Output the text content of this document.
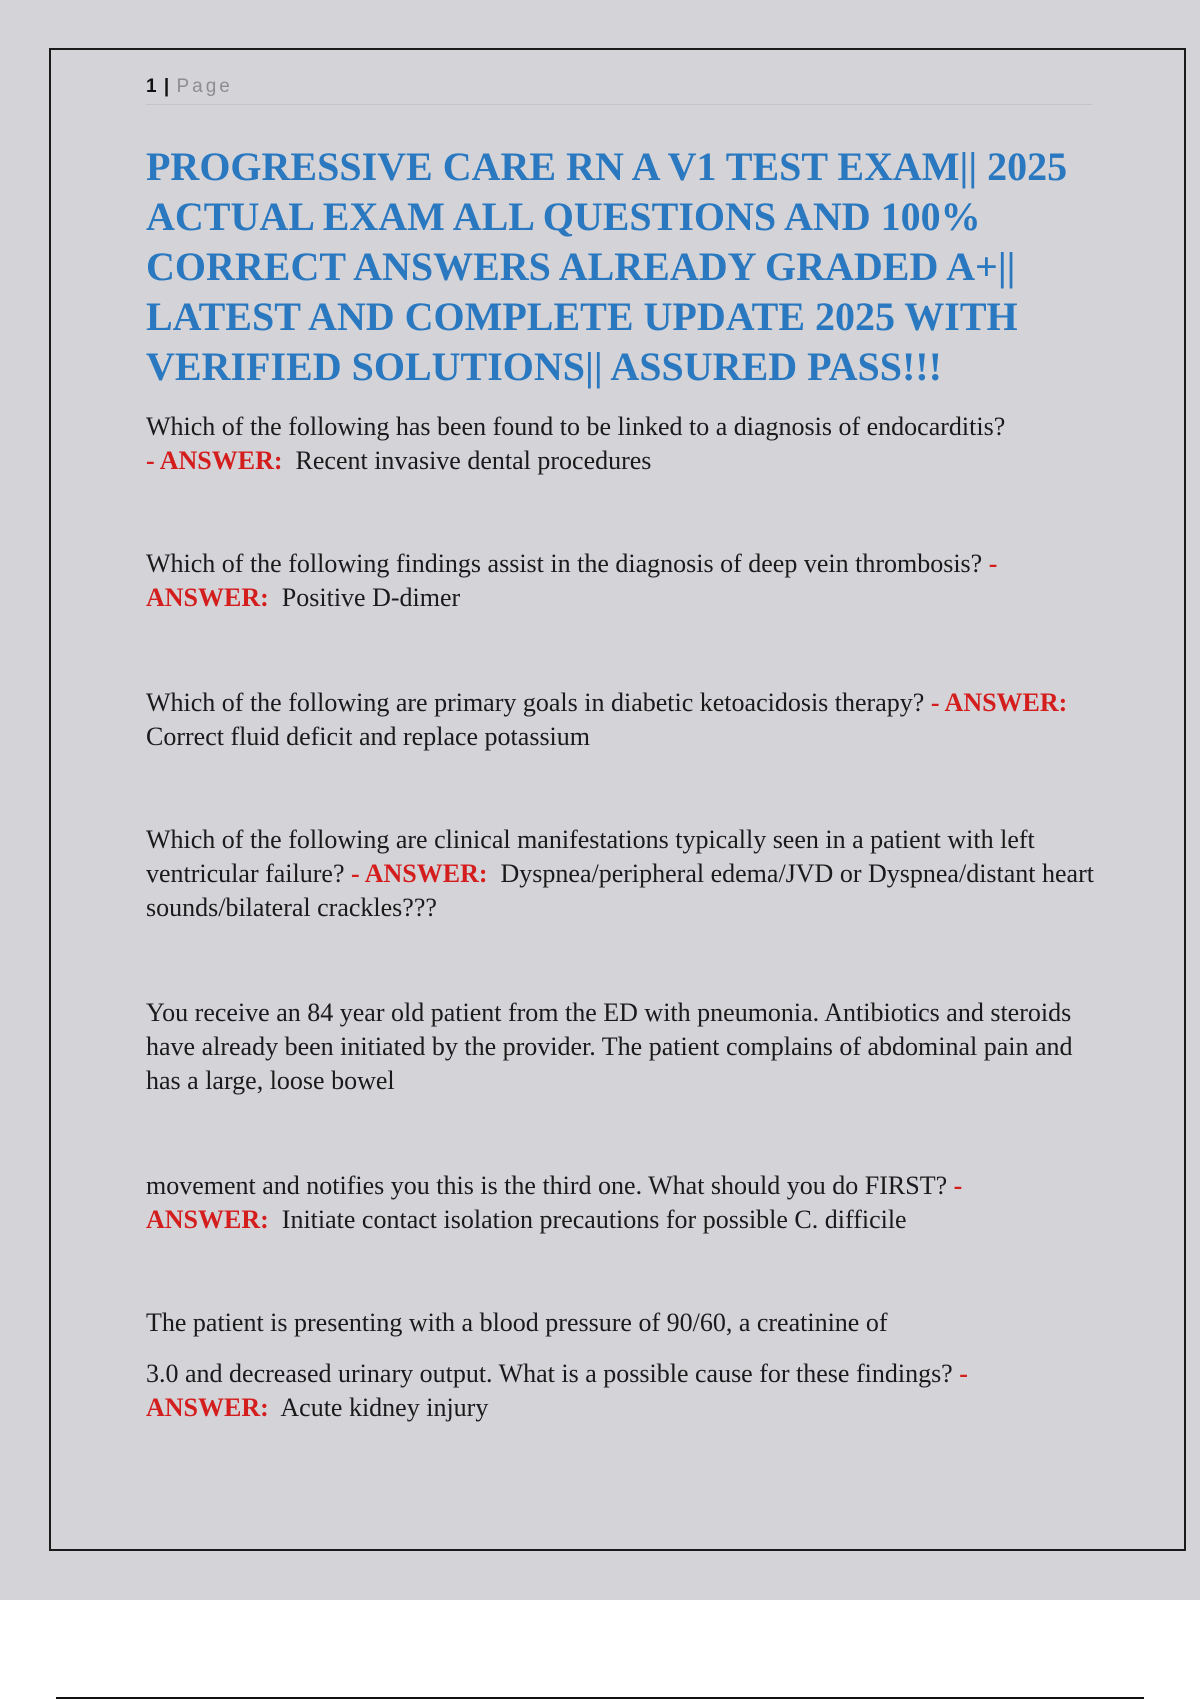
1 | Page
PROGRESSIVE CARE RN A V1 TEST EXAM|| 2025 ACTUAL EXAM ALL QUESTIONS AND 100% CORRECT ANSWERS ALREADY GRADED A+|| LATEST AND COMPLETE UPDATE 2025 WITH VERIFIED SOLUTIONS|| ASSURED PASS!!!

Which of the following has been found to be linked to a diagnosis of endocarditis?
- ANSWER: Recent invasive dental procedures

Which of the following findings assist in the diagnosis of deep vein thrombosis? - ANSWER: Positive D-dimer

Which of the following are primary goals in diabetic ketoacidosis therapy? - ANSWER:  Correct fluid deficit and replace potassium

Which of the following are clinical manifestations typically seen in a patient with left ventricular failure? - ANSWER: Dyspnea/peripheral edema/JVD or Dyspnea/distant heart sounds/bilateral crackles???

You receive an 84 year old patient from the ED with pneumonia. Antibiotics and steroids have already been initiated by the provider. The patient complains of abdominal pain and has a large, loose bowel

movement and notifies you this is the third one. What should you do FIRST? - ANSWER: Initiate contact isolation precautions for possible C. difficile

The patient is presenting with a blood pressure of 90/60, a creatinine of

3.0 and decreased urinary output. What is a possible cause for these findings? - ANSWER: Acute kidney injury
